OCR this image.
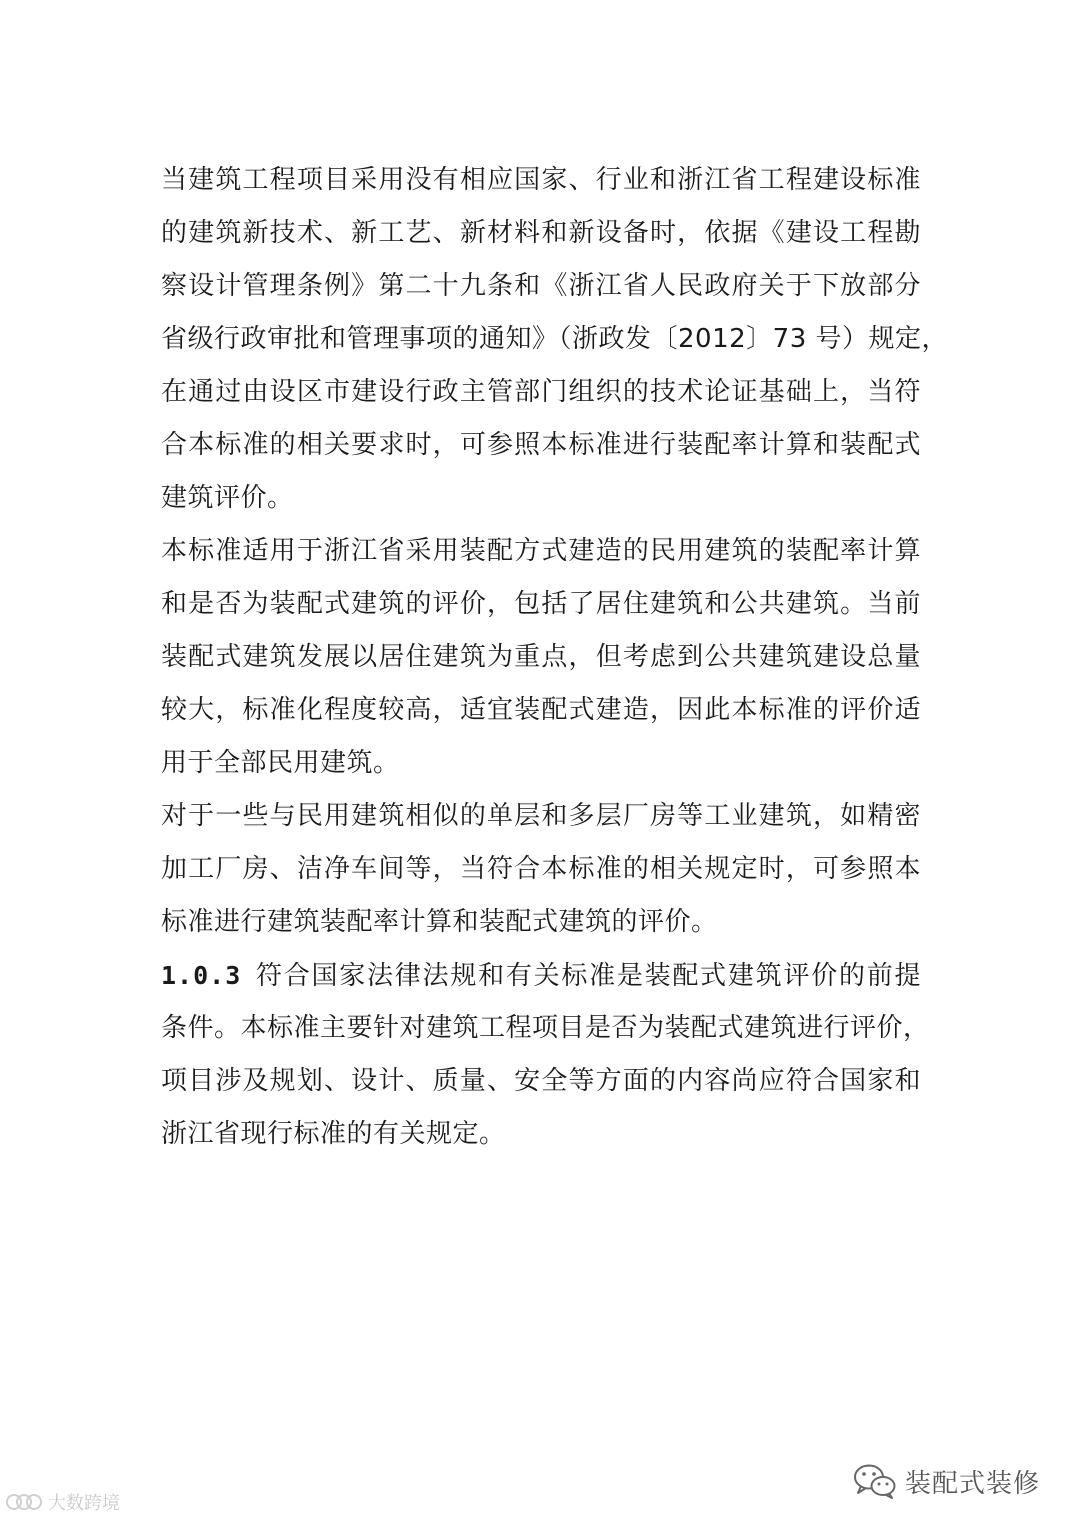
当建筑工程项目采用没有相应国家、行业和浙江省工程建设标准
的建筑新技术、新工艺、新材料和新设备时，依据《建设工程勘
察设计管理条例》第二十九条和《浙江省人民政府关于下放部分
省级行政审批和管理事项的通知》（浙政发〔2012〕73 号）规定，
在通过由设区市建设行政主管部门组织的技术论证基础上，当符
合本标准的相关要求时，可参照本标准进行装配率计算和装配式
建筑评价。
本标准适用于浙江省采用装配方式建造的民用建筑的装配率计算
和是否为装配式建筑的评价，包括了居住建筑和公共建筑。当前
装配式建筑发展以居住建筑为重点，但考虑到公共建筑建设总量
较大，标准化程度较高，适宜装配式建造，因此本标准的评价适
用于全部民用建筑。
对于一些与民用建筑相似的单层和多层厂房等工业建筑，如精密
加工厂房、洁净车间等，当符合本标准的相关规定时，可参照本
标准进行建筑装配率计算和装配式建筑的评价。
1.0.3 符合国家法律法规和有关标准是装配式建筑评价的前提
条件。本标准主要针对建筑工程项目是否为装配式建筑进行评价，
项目涉及规划、设计、质量、安全等方面的内容尚应符合国家和
浙江省现行标准的有关规定。
大数跨境
装配式装修
